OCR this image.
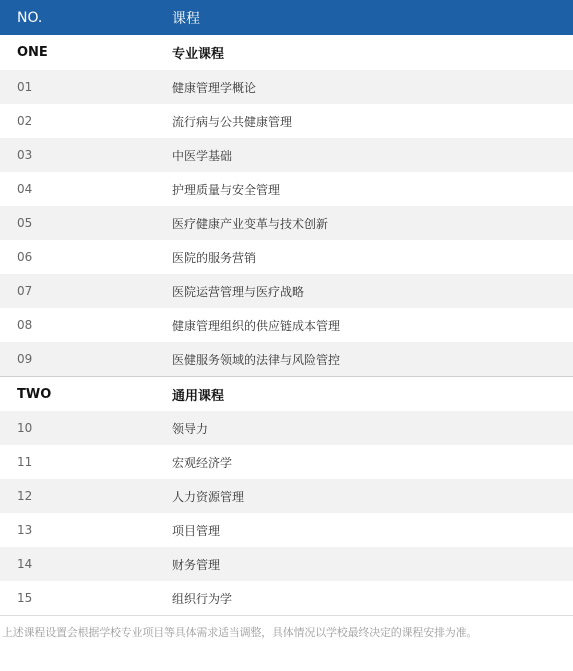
NO.	课程
ONE	专业课程
01	健康管理学概论
02	流行病与公共健康管理
03	中医学基础
04	护理质量与安全管理
05	医疗健康产业变革与技术创新
06	医院的服务营销
07	医院运营管理与医疗战略
08	健康管理组织的供应链成本管理
09	医健服务领域的法律与风险管控
TWO	通用课程
10	领导力
11	宏观经济学
12	人力资源管理
13	项目管理
14	财务管理
15	组织行为学
上述课程设置会根据学校专业项目等具体需求适当调整，具体情况以学校最终决定的课程安排为准。
